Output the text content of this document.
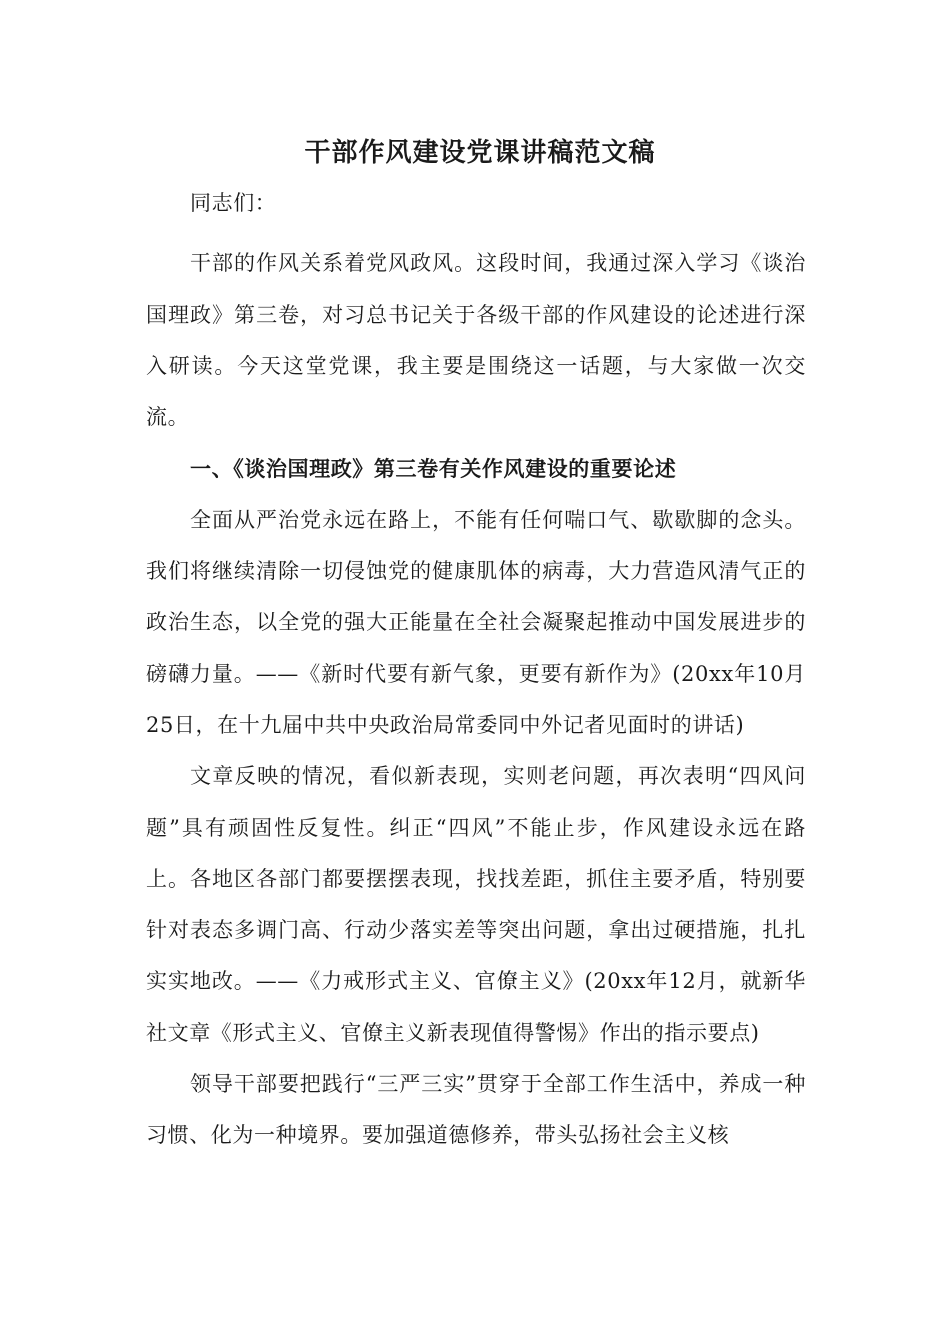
干部作风建设党课讲稿范文稿

同志们：

干部的作风关系着党风政风。这段时间，我通过深入学习《谈治国理政》第三卷，对习总书记关于各级干部的作风建设的论述进行深入研读。今天这堂党课，我主要是围绕这一话题，与大家做一次交流。

一、《谈治国理政》第三卷有关作风建设的重要论述

全面从严治党永远在路上，不能有任何喘口气、歇歇脚的念头。我们将继续清除一切侵蚀党的健康肌体的病毒，大力营造风清气正的政治生态，以全党的强大正能量在全社会凝聚起推动中国发展进步的磅礴力量。——《新时代要有新气象，更要有新作为》(20xx年10月25日，在十九届中共中央政治局常委同中外记者见面时的讲话)

文章反映的情况，看似新表现，实则老问题，再次表明“四风问题”具有顽固性反复性。纠正“四风”不能止步，作风建设永远在路上。各地区各部门都要摆摆表现，找找差距，抓住主要矛盾，特别要针对表态多调门高、行动少落实差等突出问题，拿出过硬措施，扎扎实实地改。——《力戒形式主义、官僚主义》(20xx年12月，就新华社文章《形式主义、官僚主义新表现值得警惕》作出的指示要点)

领导干部要把践行“三严三实”贯穿于全部工作生活中，养成一种习惯、化为一种境界。要加强道德修养，带头弘扬社会主义核
